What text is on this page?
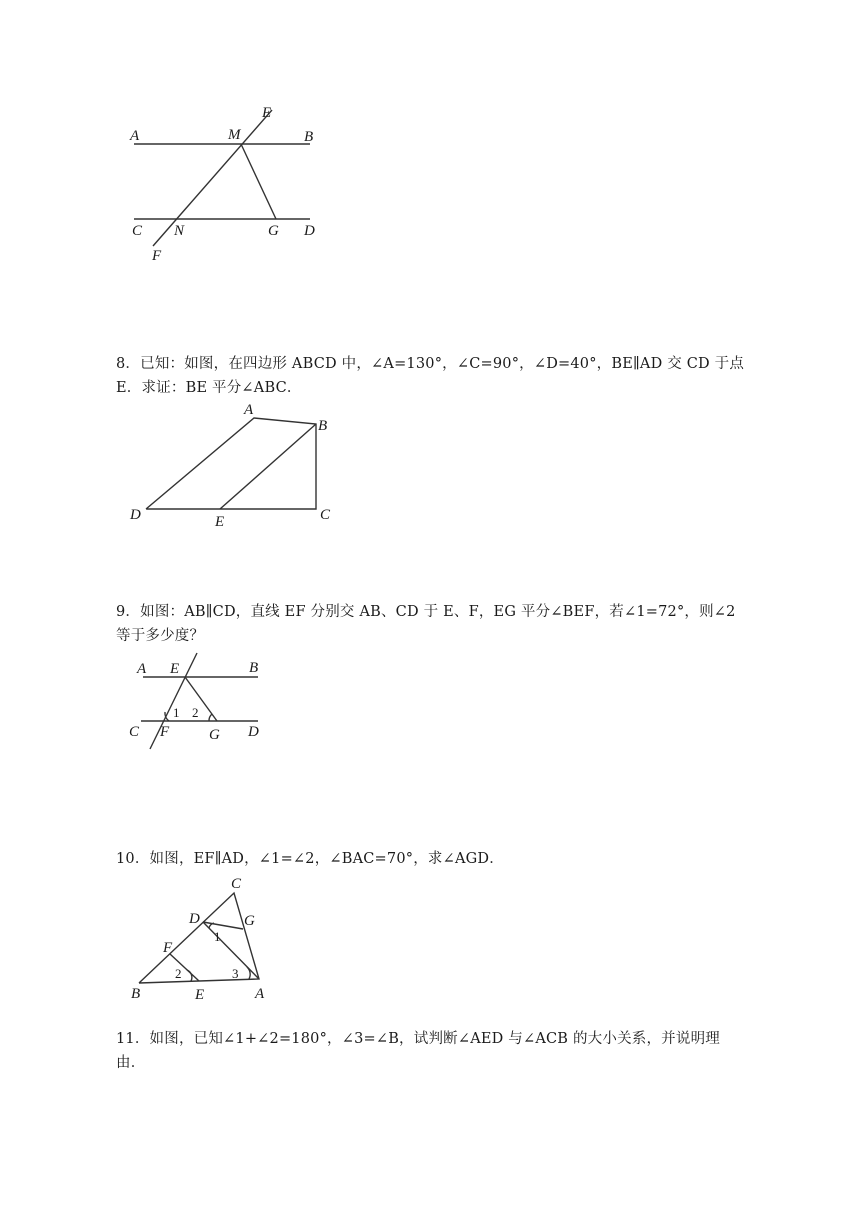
A	B
M
E
C N	G D
F
8．已知：如图，在四边形 ABCD 中，∠A=130°，∠C=90°，∠D=40°，BE∥AD 交 CD 于点
E．求证：BE 平分∠ABC．
A
B
C
D	E
9．如图：AB∥CD，直线 EF 分别交 AB、CD 于 E、F，EG 平分∠BEF，若∠1=72°，则∠2
等于多少度？
A E	B
C F	G D
1 2
10．如图，EF∥AD，∠1=∠2，∠BAC=70°，求∠AGD．
C
D	G
F
B	E	A
1
2	3
11．如图，已知∠1+∠2=180°，∠3=∠B，试判断∠AED 与∠ACB 的大小关系，并说明理
由．
